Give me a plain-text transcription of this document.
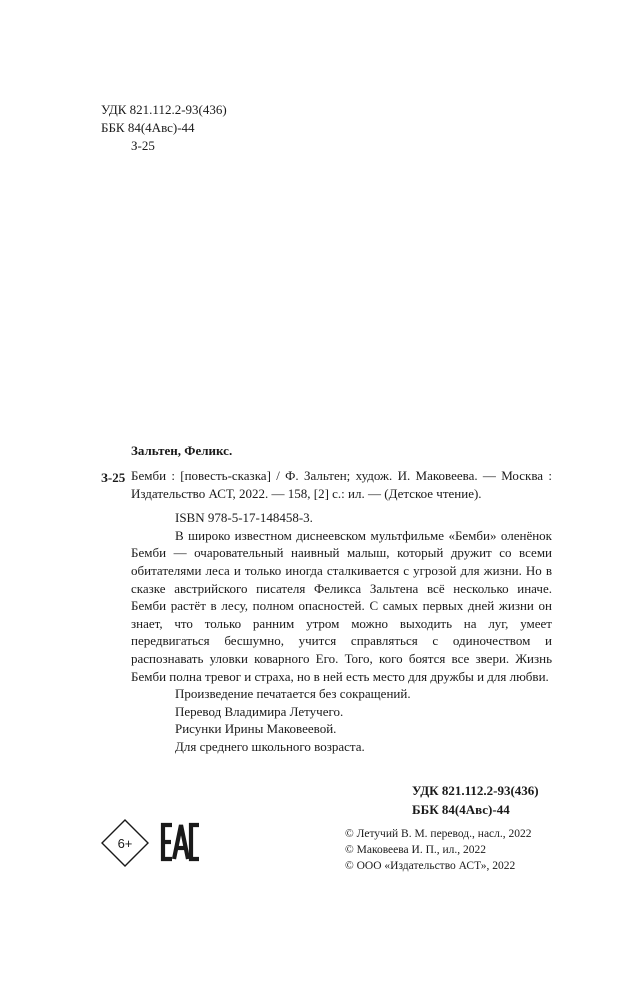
УДК 821.112.2-93(436)
ББК 84(4Авс)-44
З-25
Зальтен, Феликс.
З-25 Бемби : [повесть-сказка] / Ф. Зальтен; худож. И. Маковеева. — Москва : Издательство АСТ, 2022. — 158, [2] с.: ил. — (Детское чтение).

ISBN 978-5-17-148458-3.

В широко известном диснеевском мультфильме «Бемби» оленёнок Бемби — очаровательный наивный малыш, который дружит со всеми обитателями леса и только иногда сталкивается с угрозой для жизни. Но в сказке австрийского писателя Феликса Зальтена всё несколько иначе. Бемби растёт в лесу, полном опасностей. С самых первых дней жизни он знает, что только ранним утром можно выходить на луг, умеет передвигаться бесшумно, учится справляться с одиночеством и распознавать уловки коварного Его. Того, кого боятся все звери. Жизнь Бемби полна тревог и страха, но в ней есть место для дружбы и для любви.

Произведение печатается без сокращений.
Перевод Владимира Летучего.
Рисунки Ирины Маковеевой.
Для среднего школьного возраста.
УДК 821.112.2-93(436)
ББК 84(4Авс)-44
6+
© Летучий В. М. перевод., насл., 2022
© Маковеева И. П., ил., 2022
© ООО «Издательство АСТ», 2022
